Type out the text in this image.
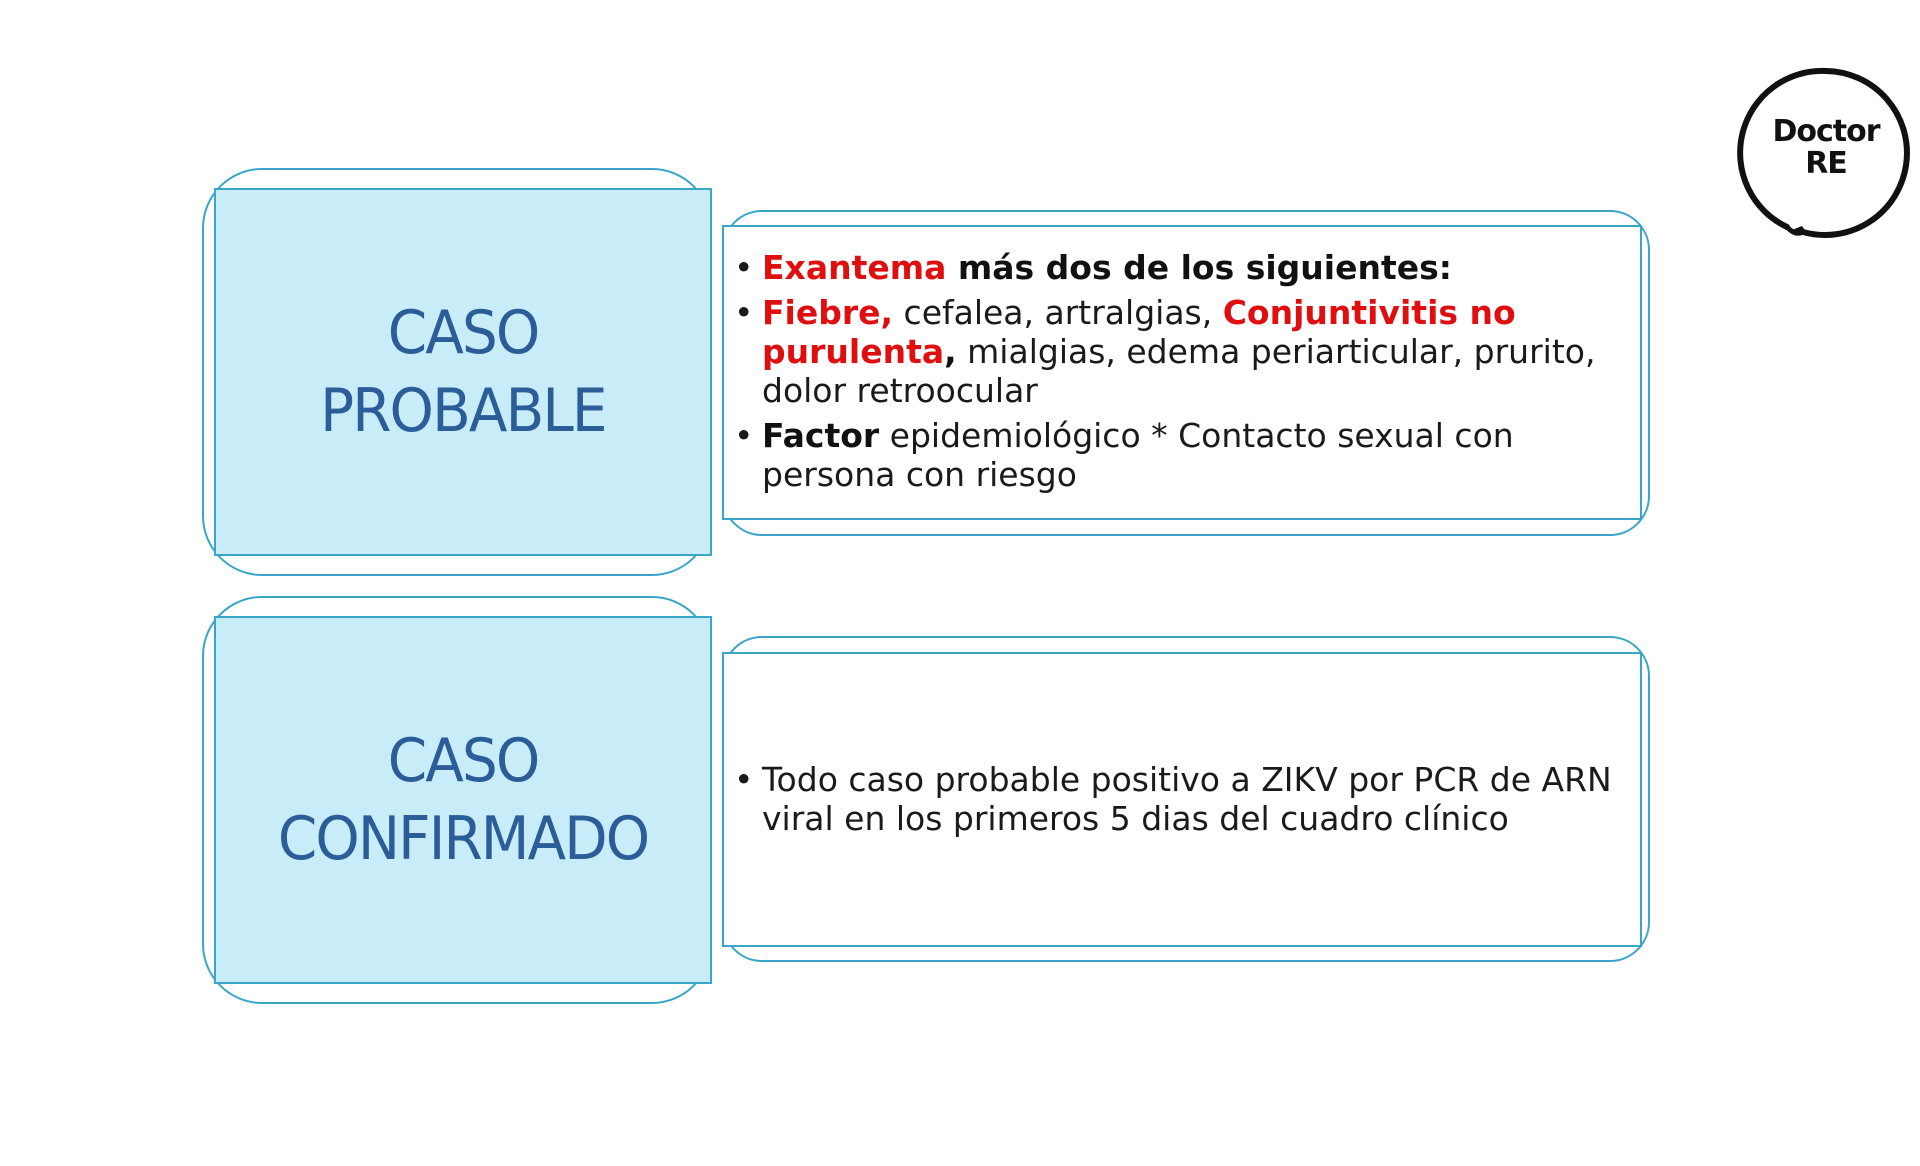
Doctor
RE
CASO
PROBABLE
• Exantema más dos de los siguientes:
• Fiebre, cefalea, artralgias, Conjuntivitis no purulenta, mialgias, edema periarticular, prurito, dolor retroocular
• Factor epidemiológico * Contacto sexual con persona con riesgo
CASO
CONFIRMADO
• Todo caso probable positivo a ZIKV por PCR de ARN viral en los primeros 5 dias del cuadro clínico
